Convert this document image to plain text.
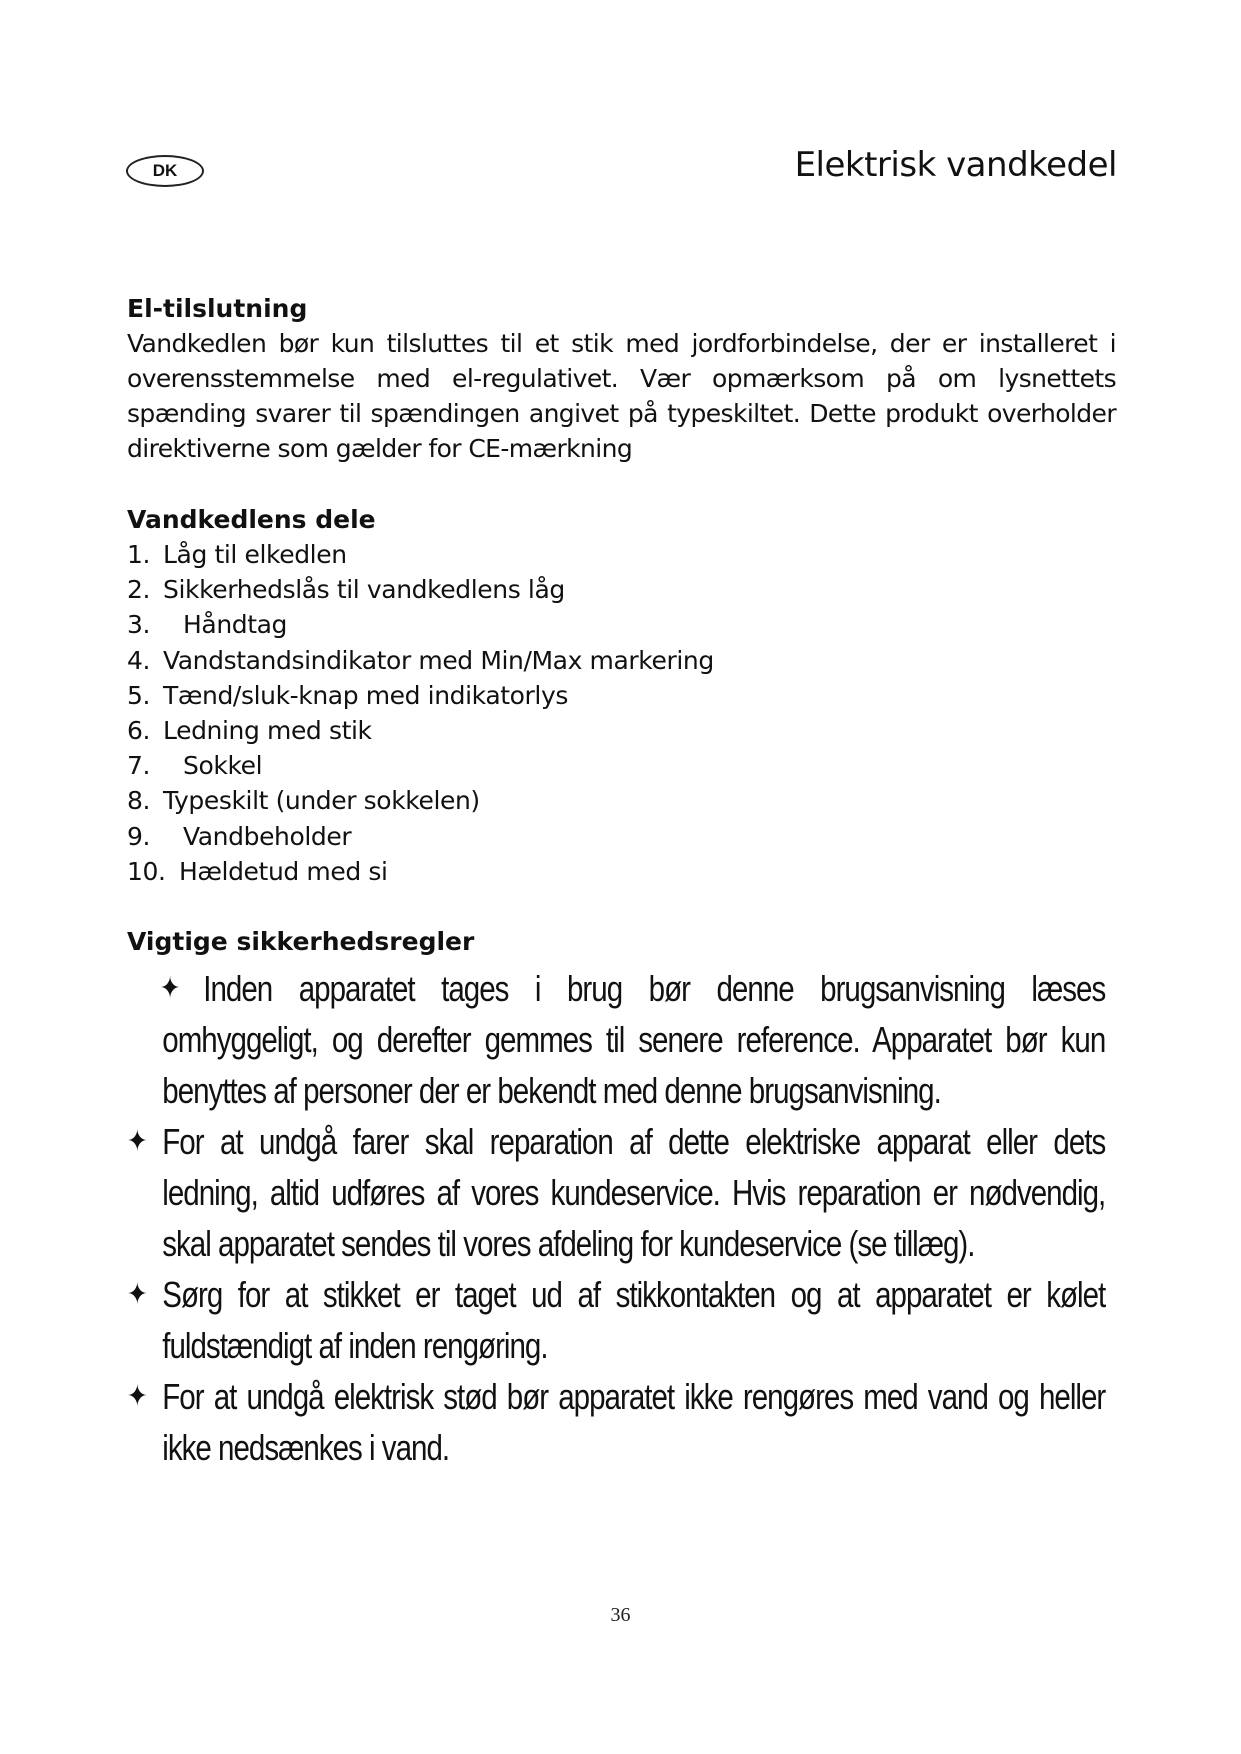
DK	Elektrisk vandkedel
El-tilslutning

Vandkedlen bør kun tilsluttes til et stik med jordforbindelse, der er installeret i overensstemmelse med el-regulativet. Vær opmærksom på om lysnettets spænding svarer til spændingen angivet på typeskiltet. Dette produkt overholder direktiverne som gælder for CE-mærkning

Vandkedlens dele
1. Låg til elkedlen
2. Sikkerhedslås til vandkedlens låg
3. Håndtag
4. Vandstandsindikator med Min/Max markering
5. Tænd/sluk-knap med indikatorlys
6. Ledning med stik
7. Sokkel
8. Typeskilt (under sokkelen)
9. Vandbeholder
10. Hældetud med si
Vigtige sikkerhedsregler
✦ Inden apparatet tages i brug bør denne brugsanvisning læses omhyggeligt, og derefter gemmes til senere reference. Apparatet bør kun benyttes af personer der er bekendt med denne brugsanvisning.
✦ For at undgå farer skal reparation af dette elektriske apparat eller dets ledning, altid udføres af vores kundeservice. Hvis reparation er nødvendig, skal apparatet sendes til vores afdeling for kundeservice (se tillæg).
✦ Sørg for at stikket er taget ud af stikkontakten og at apparatet er kølet fuldstændigt af inden rengøring.
✦ For at undgå elektrisk stød bør apparatet ikke rengøres med vand og heller ikke nedsænkes i vand.
36
